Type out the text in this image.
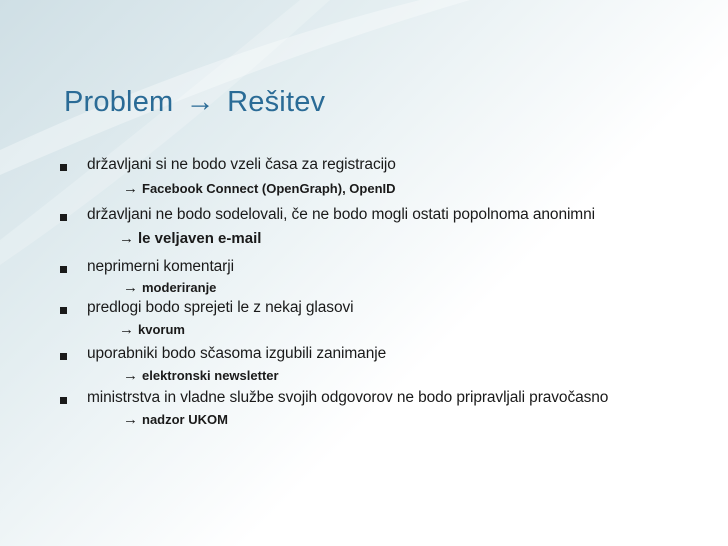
Problem → Rešitev
državljani si ne bodo vzeli časa za registracijo
→ Facebook Connect (OpenGraph), OpenID
državljani ne bodo sodelovali, če ne bodo mogli ostati popolnoma anonimni
→ le veljaven e-mail
neprimerni komentarji
→ moderiranje
predlogi bodo sprejeti le z nekaj glasovi
→ kvorum
uporabniki bodo sčasoma izgubili zanimanje
→ elektronski newsletter
ministrstva in vladne službe svojih odgovorov ne bodo pripravljali pravočasno
→ nadzor UKOM
